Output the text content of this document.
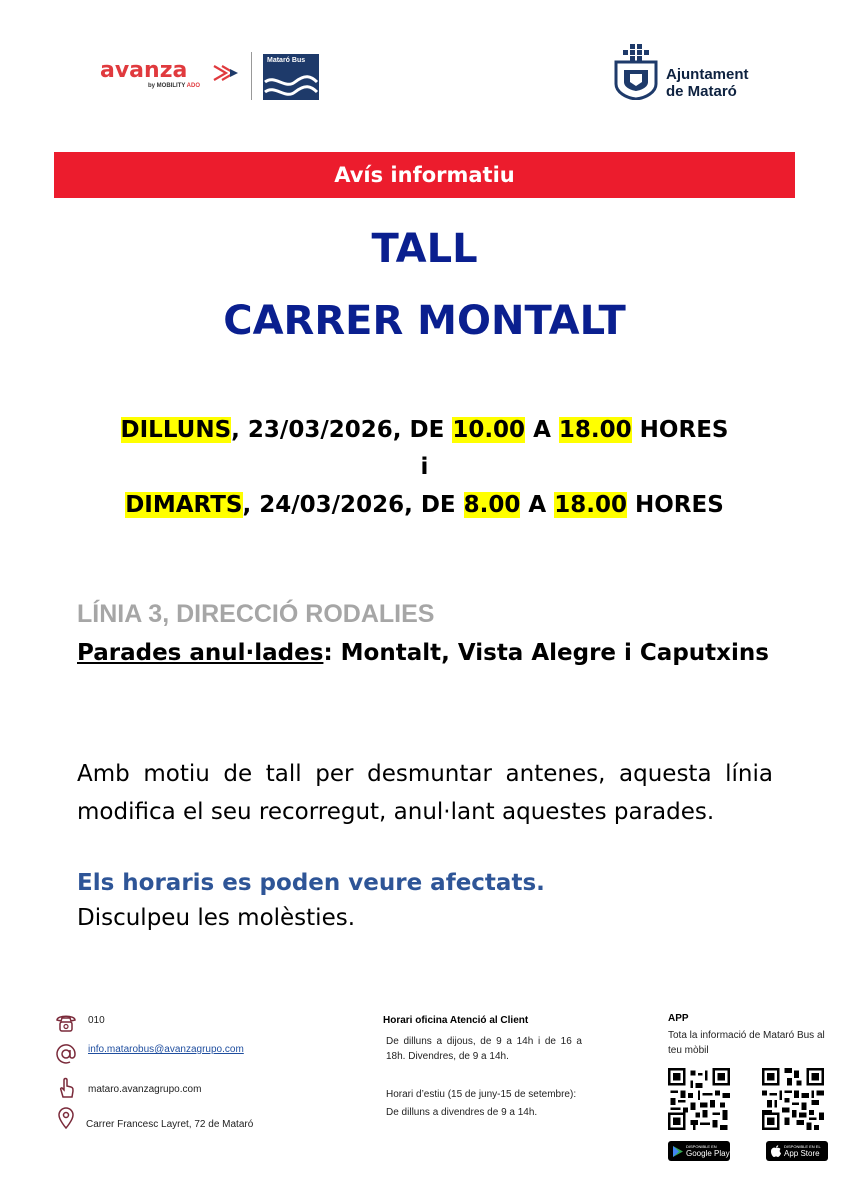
avanza
by MOBILITY ADO
Mataró Bus
Ajuntament
de Mataró
Avís informatiu
TALL
CARRER MONTALT
DILLUNS, 23/03/2026, DE 10.00 A 18.00 HORES
i
DIMARTS, 24/03/2026, DE 8.00 A 18.00 HORES
LÍNIA 3, DIRECCIÓ RODALIES
Parades anul·lades: Montalt, Vista Alegre i Caputxins
Amb motiu de tall per desmuntar antenes, aquesta línia modifica el seu recorregut, anul·lant aquestes parades.
Els horaris es poden veure afectats.
Disculpeu les molèsties.
010
info.matarobus@avanzagrupo.com
mataro.avanzagrupo.com
Carrer Francesc Layret, 72 de Mataró
Horari oficina Atenció al Client
De dilluns a dijous, de 9 a 14h i de 16 a 18h. Divendres, de 9 a 14h.
Horari d’estiu (15 de juny-15 de setembre):
De dilluns a divendres de 9 a 14h.
APP
Tota la informació de Mataró Bus al teu mòbil
DISPONIBLE EN
Google Play
DISPONIBLE EN EL
App Store
